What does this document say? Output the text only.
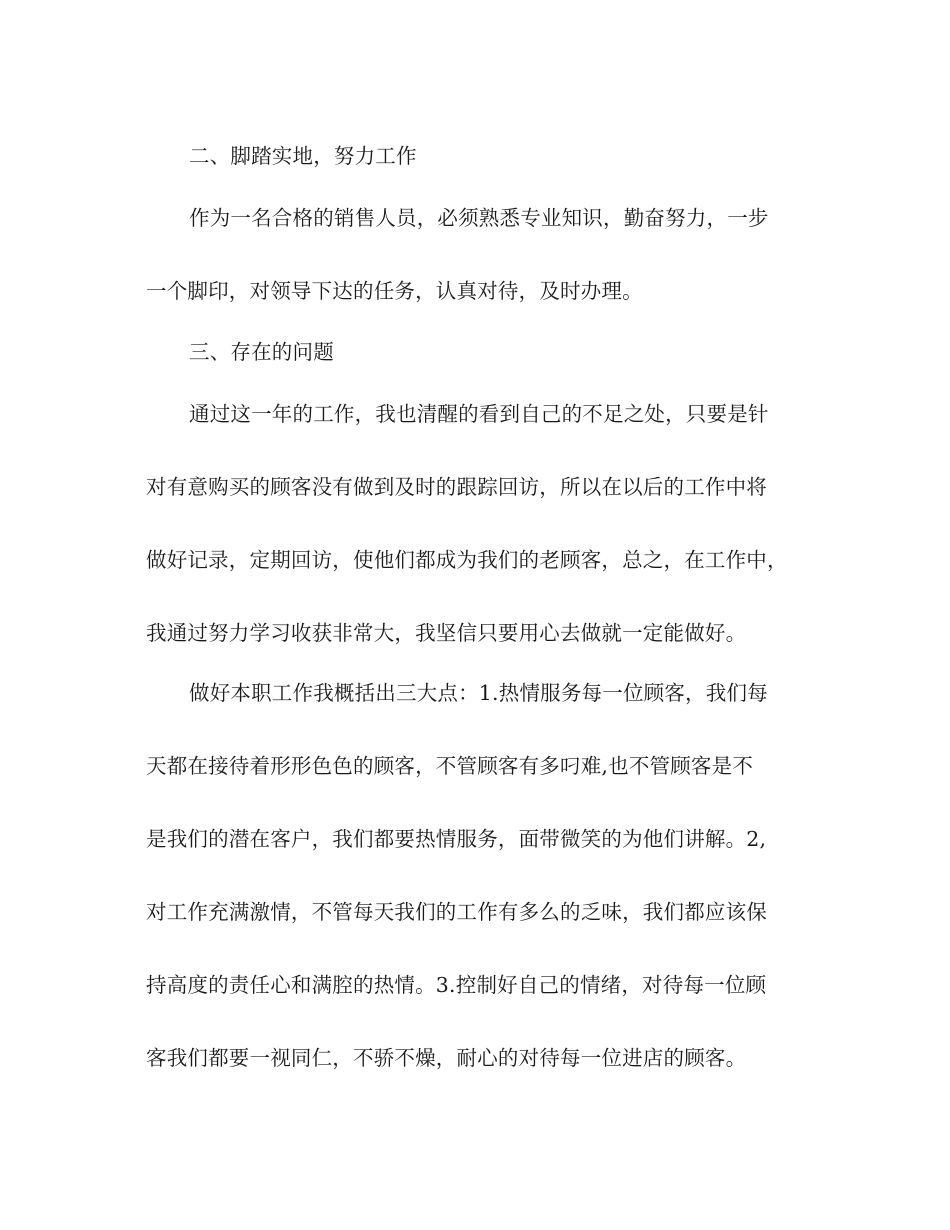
二、脚踏实地，努力工作
作为一名合格的销售人员，必须熟悉专业知识，勤奋努力，一步
一个脚印，对领导下达的任务，认真对待，及时办理。
三、存在的问题
通过这一年的工作，我也清醒的看到自己的不足之处，只要是针
对有意购买的顾客没有做到及时的跟踪回访，所以在以后的工作中将
做好记录，定期回访，使他们都成为我们的老顾客，总之，在工作中，
我通过努力学习收获非常大，我坚信只要用心去做就一定能做好。
做好本职工作我概括出三大点：1.热情服务每一位顾客，我们每
天都在接待着形形色色的顾客，不管顾客有多叼难,也不管顾客是不
是我们的潜在客户，我们都要热情服务，面带微笑的为他们讲解。2,
对工作充满激情，不管每天我们的工作有多么的乏味，我们都应该保
持高度的责任心和满腔的热情。3.控制好自己的情绪，对待每一位顾
客我们都要一视同仁，不骄不燥，耐心的对待每一位进店的顾客。
